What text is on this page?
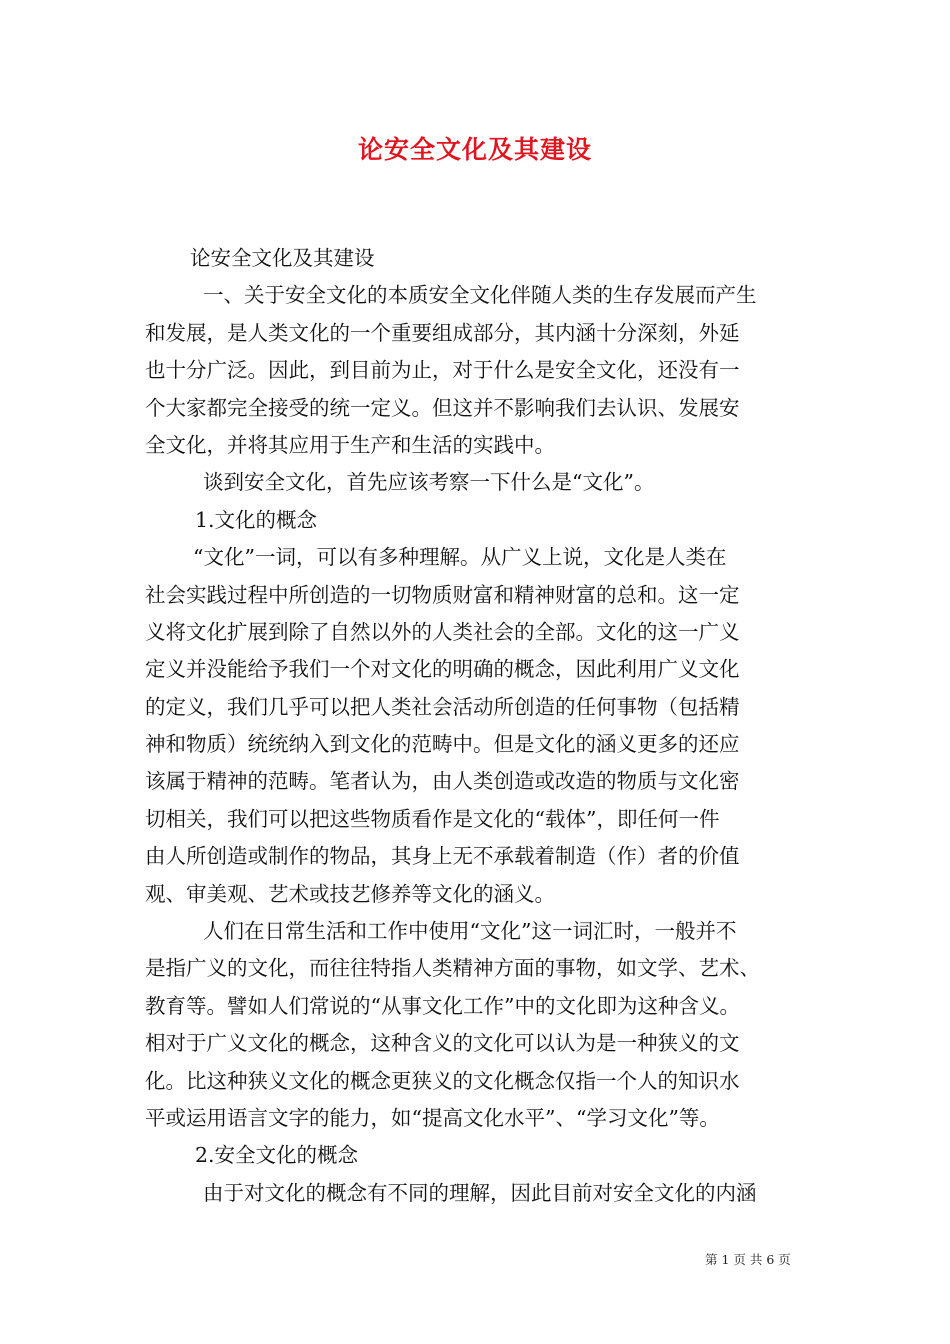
论安全文化及其建设
论安全文化及其建设
一、关于安全文化的本质安全文化伴随人类的生存发展而产生
和发展，是人类文化的一个重要组成部分，其内涵十分深刻，外延
也十分广泛。因此，到目前为止，对于什么是安全文化，还没有一
个大家都完全接受的统一定义。但这并不影响我们去认识、发展安
全文化，并将其应用于生产和生活的实践中。
谈到安全文化，首先应该考察一下什么是“文化”。
1.文化的概念
“文化”一词，可以有多种理解。从广义上说，文化是人类在
社会实践过程中所创造的一切物质财富和精神财富的总和。这一定
义将文化扩展到除了自然以外的人类社会的全部。文化的这一广义
定义并没能给予我们一个对文化的明确的概念，因此利用广义文化
的定义，我们几乎可以把人类社会活动所创造的任何事物（包括精
神和物质）统统纳入到文化的范畴中。但是文化的涵义更多的还应
该属于精神的范畴。笔者认为，由人类创造或改造的物质与文化密
切相关，我们可以把这些物质看作是文化的“载体”，即任何一件
由人所创造或制作的物品，其身上无不承载着制造（作）者的价值
观、审美观、艺术或技艺修养等文化的涵义。
人们在日常生活和工作中使用“文化”这一词汇时，一般并不
是指广义的文化，而往往特指人类精神方面的事物，如文学、艺术、
教育等。譬如人们常说的“从事文化工作”中的文化即为这种含义。
相对于广义文化的概念，这种含义的文化可以认为是一种狭义的文
化。比这种狭义文化的概念更狭义的文化概念仅指一个人的知识水
平或运用语言文字的能力，如“提高文化水平”、“学习文化”等。
2.安全文化的概念
由于对文化的概念有不同的理解，因此目前对安全文化的内涵
第 1 页 共 6 页
